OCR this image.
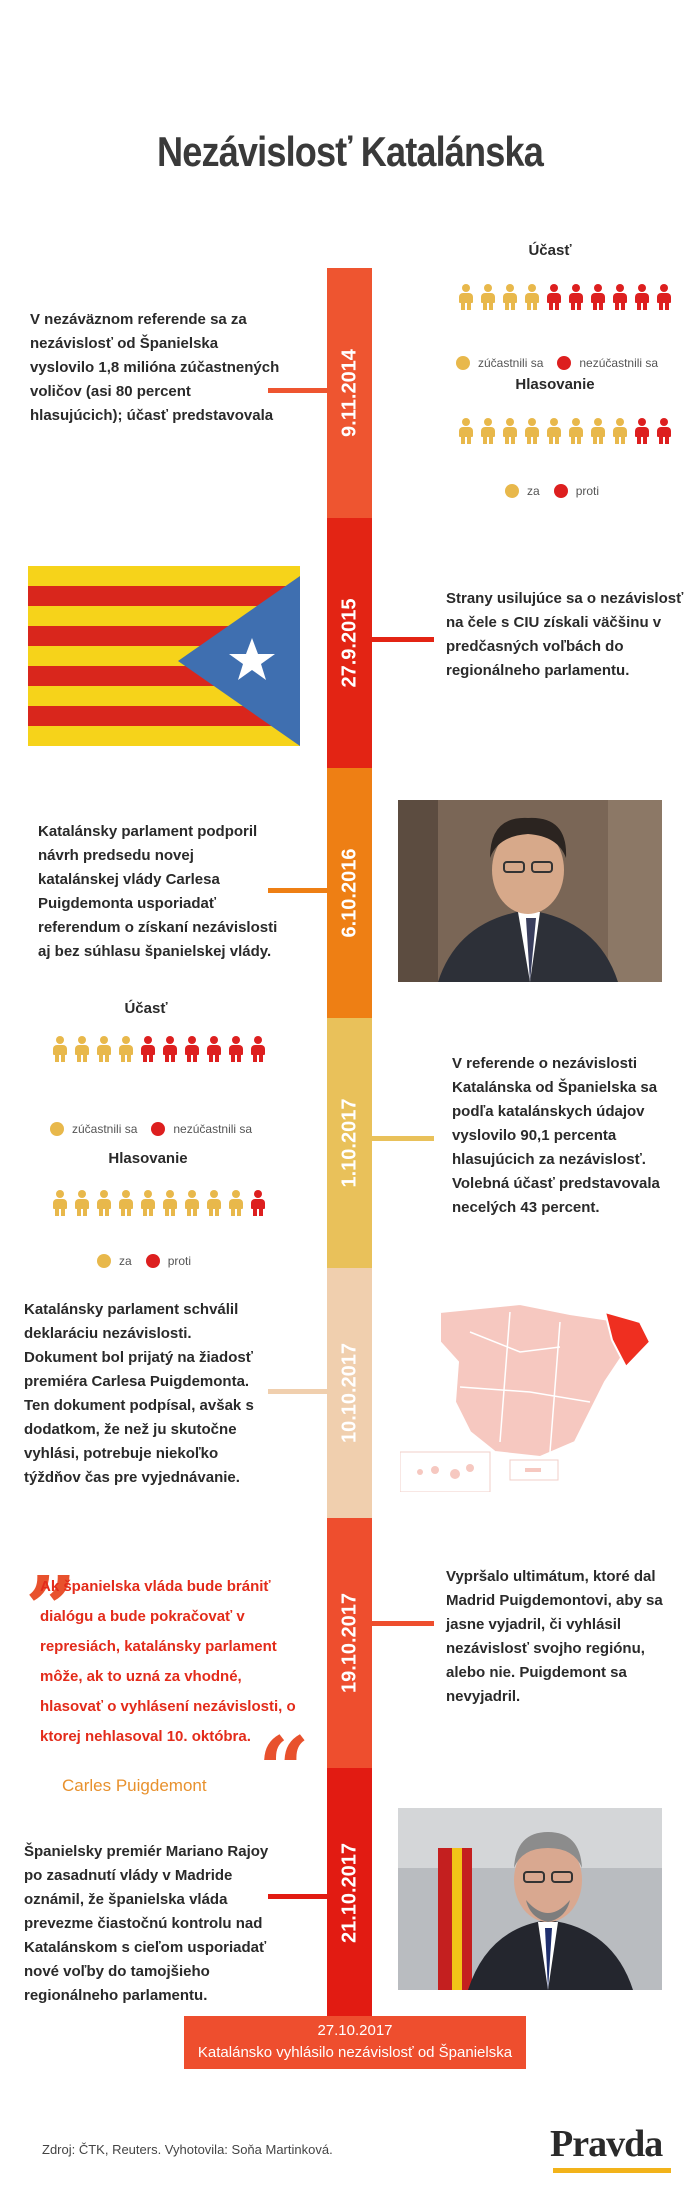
Nezávislosť Katalánska
9.11.2014
27.9.2015
6.10.2016
1.10.2017
10.10.2017
19.10.2017
21.10.2017
V nezáväznom referende sa za nezávislosť od Španielska vyslovilo 1,8 milióna zúčastnených voličov (asi 80 percent hlasujúcich); účasť predstavovala
Strany usilujúce sa o nezávislosť na čele s CIU získali väčšinu v predčasných voľbách do regionálneho parlamentu.
Katalánsky parlament podporil návrh predsedu novej katalánskej vlády Carlesa Puigdemonta usporiadať referendum o získaní nezávislosti aj bez súhlasu španielskej vlády.
V referende o nezávislosti Katalánska od Španielska sa podľa katalánskych údajov vyslovilo 90,1 percenta hlasujúcich za nezávislosť. Volebná účasť predstavovala necelých 43 percent.
Katalánsky parlament schválil deklaráciu nezávislosti. Dokument bol prijatý na žiadosť premiéra Carlesa Puigdemonta. Ten dokument podpísal, avšak s dodatkom, že než ju skutočne vyhlási, potrebuje niekoľko týždňov čas pre vyjednávanie.
Vypršalo ultimátum, ktoré dal Madrid Puigdemontovi, aby sa jasne vyjadril, či vyhlásil nezávislosť svojho regiónu, alebo nie. Puigdemont sa nevyjadril.
Španielsky premiér Mariano Rajoy po zasadnutí vlády v Madride oznámil, že španielska vláda prevezme čiastočnú kontrolu nad Katalánskom s cieľom usporiadať nové voľby do tamojšieho regionálneho parlamentu.
Účasť
zúčastnili sa	nezúčastnili sa
Hlasovanie
za	proti
Účasť
zúčastnili sa	nezúčastnili sa
Hlasovanie
za	proti
“
Ak španielska vláda bude brániť dialógu a bude pokračovať v represiách, katalánsky parlament môže, ak to uzná za vhodné, hlasovať o vyhlásení nezávislosti, o ktorej nehlasoval 10. októbra. “
Carles Puigdemont
27.10.2017
Katalánsko vyhlásilo nezávislosť od Španielska
Zdroj: ČTK, Reuters. Vyhotovila: Soňa Martinková.	Pravda
